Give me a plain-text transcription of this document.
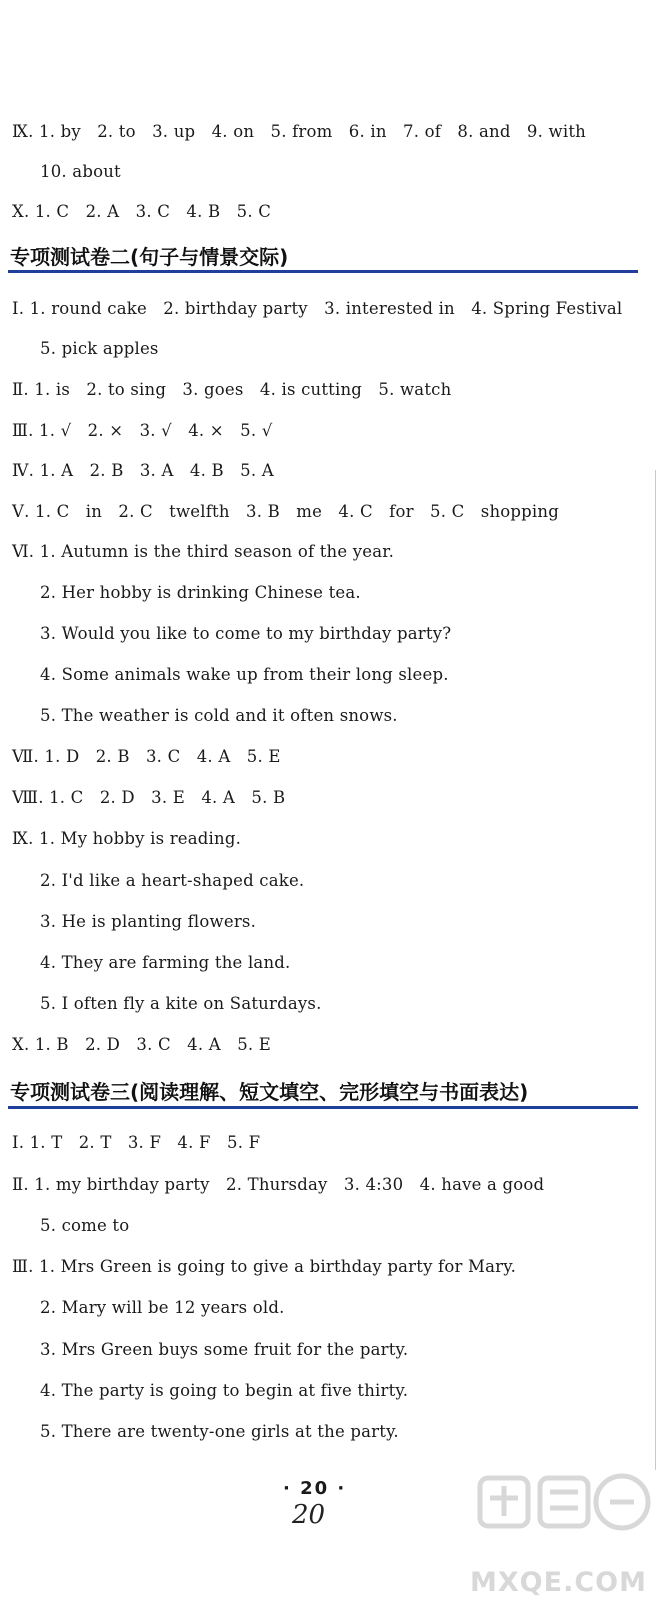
Ⅸ. 1. by   2. to   3. up   4. on   5. from   6. in   7. of   8. and   9. with
10. about
Ⅹ. 1. C   2. A   3. C   4. B   5. C
专项测试卷二(句子与情景交际)
Ⅰ. 1. round cake   2. birthday party   3. interested in   4. Spring Festival
5. pick apples
Ⅱ. 1. is   2. to sing   3. goes   4. is cutting   5. watch
Ⅲ. 1. √   2. ×   3. √   4. ×   5. √
Ⅳ. 1. A   2. B   3. A   4. B   5. A
Ⅴ. 1. C   in   2. C   twelfth   3. B   me   4. C   for   5. C   shopping
Ⅵ. 1. Autumn is the third season of the year.
2. Her hobby is drinking Chinese tea.
3. Would you like to come to my birthday party?
4. Some animals wake up from their long sleep.
5. The weather is cold and it often snows.
Ⅶ. 1. D   2. B   3. C   4. A   5. E
Ⅷ. 1. C   2. D   3. E   4. A   5. B
Ⅸ. 1. My hobby is reading.
2. I'd like a heart-shaped cake.
3. He is planting flowers.
4. They are farming the land.
5. I often fly a kite on Saturdays.
Ⅹ. 1. B   2. D   3. C   4. A   5. E
专项测试卷三(阅读理解、短文填空、完形填空与书面表达)
Ⅰ. 1. T   2. T   3. F   4. F   5. F
Ⅱ. 1. my birthday party   2. Thursday   3. 4:30   4. have a good
5. come to
Ⅲ. 1. Mrs Green is going to give a birthday party for Mary.
2. Mary will be 12 years old.
3. Mrs Green buys some fruit for the party.
4. The party is going to begin at five thirty.
5. There are twenty-one girls at the party.
· 20 ·
20
MXQE.COM
